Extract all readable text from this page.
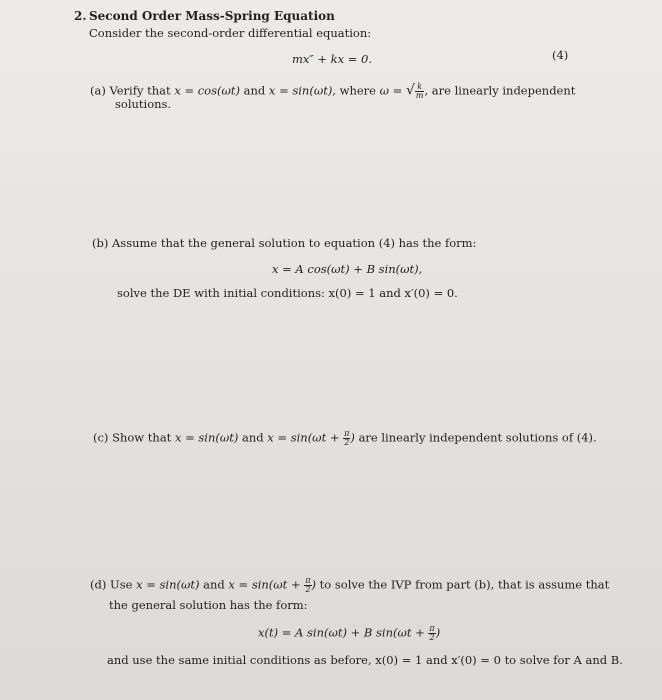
2. Second Order Mass-Spring Equation
Consider the second-order differential equation:
mx″ + kx = 0.	(4)
(a) Verify that x = cos(ωt) and x = sin(ωt), where ω = √ $\frac{k}{m}$ , are linearly independent
solutions.
(b) Assume that the general solution to equation (4) has the form:
x = A cos(ωt) + B sin(ωt),
solve the DE with initial conditions: x(0) = 1 and x′(0) = 0.
(c) Show that x = sin(ωt) and $x = \sin(\omega t + \frac{\pi}{2}$ ) are linearly independent solutions of (4).
(d) Use x = sin(ωt) and $x = \sin(\omega t + \frac{\pi}{2}$ ) to solve the IVP from part (b), that is assume that
the general solution has the form:
x(t) = A sin(ωt) + B $\sin(\omega t + \frac{\pi}{2}$ )
and use the same initial conditions as before, x(0) = 1 and x′(0) = 0 to solve for A and B.
